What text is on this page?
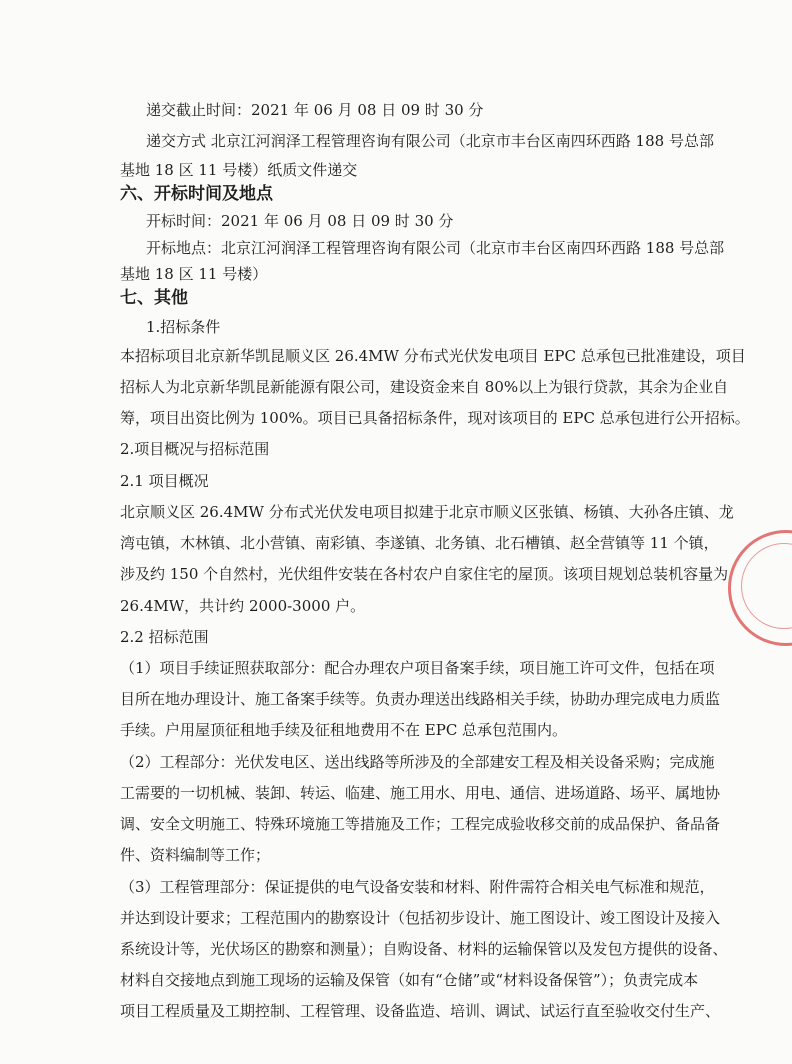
递交截止时间：2021 年 06 月 08 日 09 时 30 分
递交方式 北京江河润泽工程管理咨询有限公司（北京市丰台区南四环西路 188 号总部
基地 18 区 11 号楼）纸质文件递交
六、开标时间及地点
开标时间：2021 年 06 月 08 日 09 时 30 分
开标地点：北京江河润泽工程管理咨询有限公司（北京市丰台区南四环西路 188 号总部
基地 18 区 11 号楼）
七、其他
1.招标条件
本招标项目北京新华凯昆顺义区 26.4MW 分布式光伏发电项目 EPC 总承包已批准建设，项目
招标人为北京新华凯昆新能源有限公司，建设资金来自 80%以上为银行贷款，其余为企业自
筹，项目出资比例为 100%。项目已具备招标条件，现对该项目的 EPC 总承包进行公开招标。
2.项目概况与招标范围
2.1 项目概况
北京顺义区 26.4MW 分布式光伏发电项目拟建于北京市顺义区张镇、杨镇、大孙各庄镇、龙
湾屯镇，木林镇、北小营镇、南彩镇、李遂镇、北务镇、北石槽镇、赵全营镇等 11 个镇，
涉及约 150 个自然村，光伏组件安装在各村农户自家住宅的屋顶。该项目规划总装机容量为
26.4MW，共计约 2000-3000 户。
2.2 招标范围
（1）项目手续证照获取部分：配合办理农户项目备案手续，项目施工许可文件，包括在项
目所在地办理设计、施工备案手续等。负责办理送出线路相关手续，协助办理完成电力质监
手续。户用屋顶征租地手续及征租地费用不在 EPC 总承包范围内。
（2）工程部分：光伏发电区、送出线路等所涉及的全部建安工程及相关设备采购；完成施
工需要的一切机械、装卸、转运、临建、施工用水、用电、通信、进场道路、场平、属地协
调、安全文明施工、特殊环境施工等措施及工作；工程完成验收移交前的成品保护、备品备
件、资料编制等工作；
（3）工程管理部分：保证提供的电气设备安装和材料、附件需符合相关电气标准和规范，
并达到设计要求；工程范围内的勘察设计（包括初步设计、施工图设计、竣工图设计及接入
系统设计等，光伏场区的勘察和测量）；自购设备、材料的运输保管以及发包方提供的设备、
材料自交接地点到施工现场的运输及保管（如有“仓储”或“材料设备保管”）；负责完成本
项目工程质量及工期控制、工程管理、设备监造、培训、调试、试运行直至验收交付生产、
